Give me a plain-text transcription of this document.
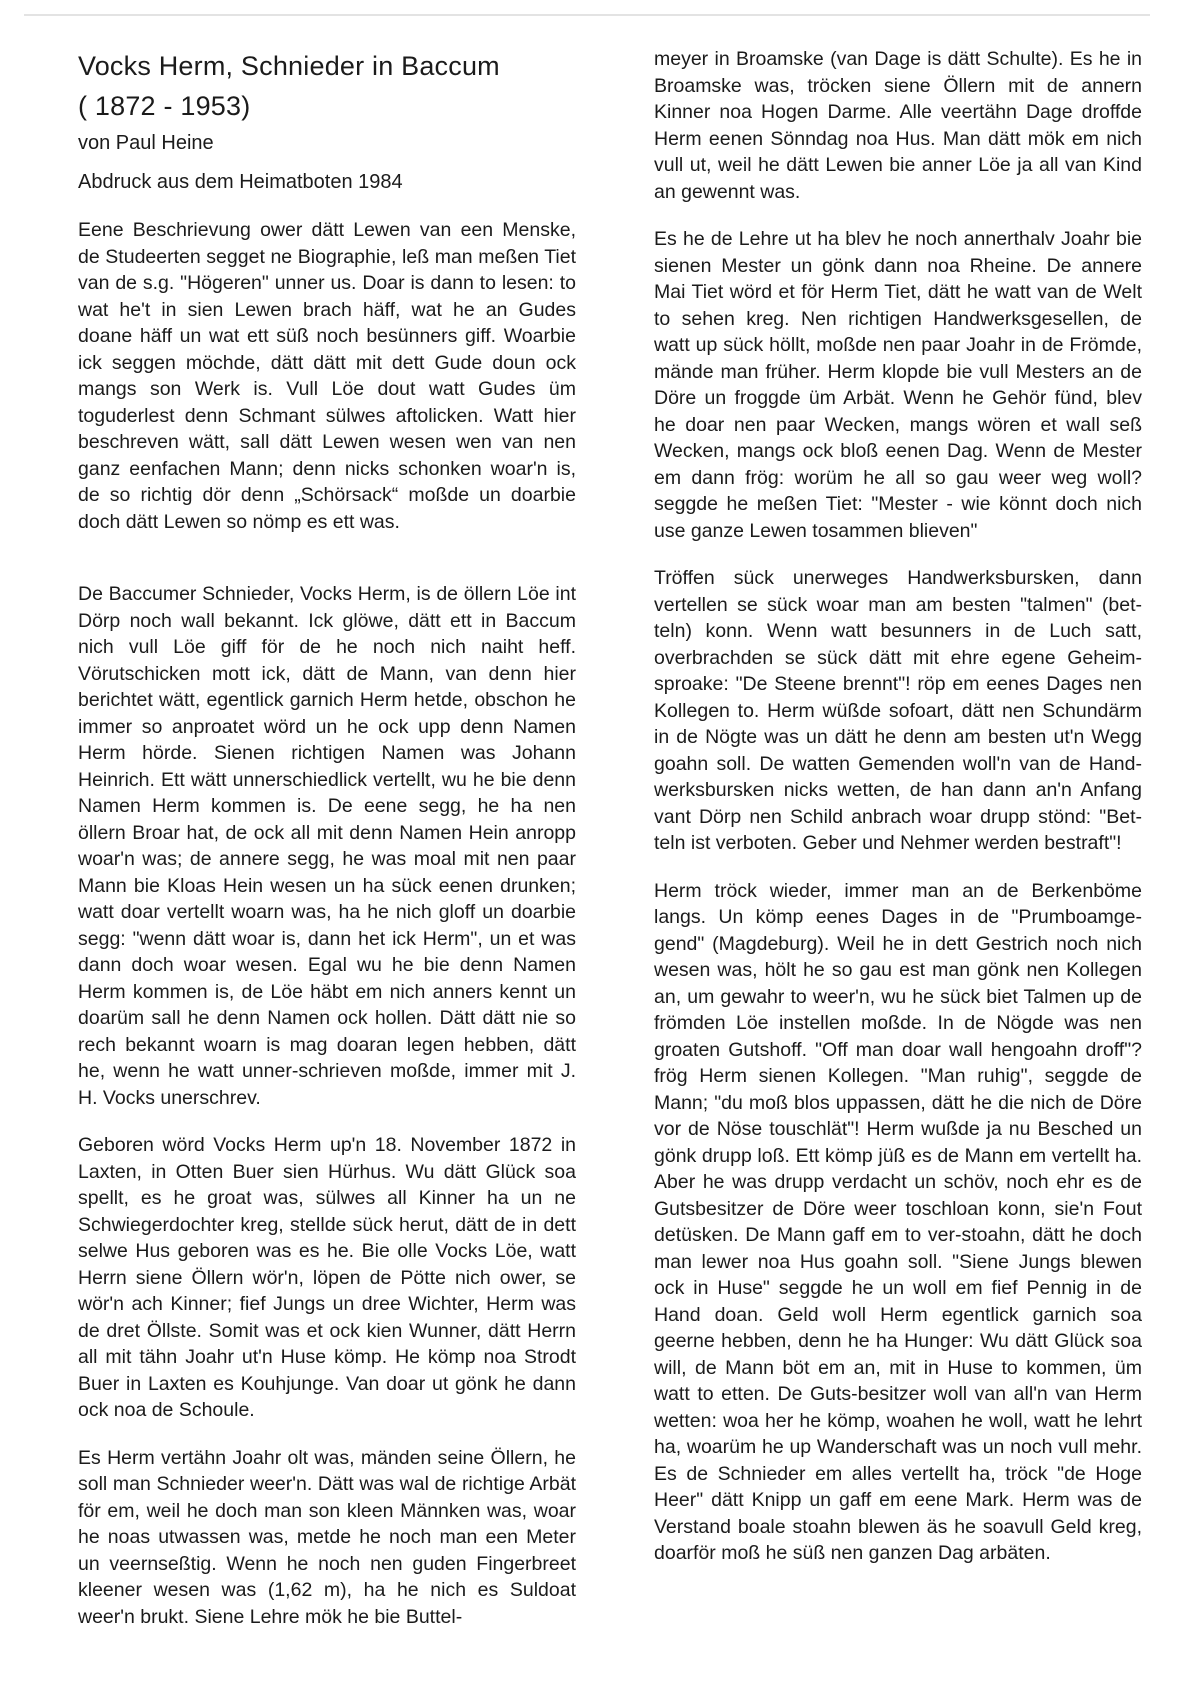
Vocks Herm, Schnieder in Baccum
( 1872 - 1953)

von Paul Heine

Abdruck aus dem Heimatboten 1984

Eene Beschrievung ower dätt Lewen van een Menske, de Studeerten segget ne Biographie, leß man meßen Tiet van de s.g. "Högeren" unner us. Doar is dann to lesen: to wat he't in sien Lewen brach häff, wat he an Gudes doane häff un wat ett süß noch besünners giff. Woarbie ick seggen möchde, dätt dätt mit dett Gude doun ock mangs son Werk is. Vull Löe dout watt Gudes üm toguderlest denn Schmant sülwes aftolicken. Watt hier beschreven wätt, sall dätt Lewen wesen wen van nen ganz eenfachen Mann; denn nicks schonken woar'n is, de so richtig dör denn „Schörsack“ moßde un doarbie doch dätt Lewen so nömp es ett was.

De Baccumer Schnieder, Vocks Herm, is de öllern Löe int Dörp noch wall bekannt. Ick glöwe, dätt ett in Baccum nich vull Löe giff för de he noch nich naiht heff. Vörutschicken mott ick, dätt de Mann, van denn hier berichtet wätt, egentlick garnich Herm hetde, obschon he immer so anproatet wörd un he ock upp denn Namen Herm hörde. Sienen richtigen Namen was Johann Heinrich. Ett wätt unnerschiedlick vertellt, wu he bie denn Namen Herm kommen is. De eene segg, he ha nen öllern Broar hat, de ock all mit denn Namen Hein anropp woar'n was; de annere segg, he was moal mit nen paar Mann bie Kloas Hein wesen un ha sück eenen drunken; watt doar vertellt woarn was, ha he nich gloff un doarbie segg: "wenn dätt woar is, dann het ick Herm", un et was dann doch woar wesen. Egal wu he bie denn Namen Herm kommen is, de Löe häbt em nich anners kennt un doarüm sall he denn Namen ock hollen. Dätt dätt nie so rech bekannt woarn is mag doaran legen hebben, dätt he, wenn he watt unner-schrieven moßde, immer mit J. H. Vocks unerschrev.

Geboren wörd Vocks Herm up'n 18. November 1872 in Laxten, in Otten Buer sien Hürhus. Wu dätt Glück soa spellt, es he groat was, sülwes all Kinner ha un ne Schwiegerdochter kreg, stellde sück herut, dätt de in dett selwe Hus geboren was es he. Bie olle Vocks Löe, watt Herrn siene Öllern wör'n, löpen de Pötte nich ower, se wör'n ach Kinner; fief Jungs un dree Wichter, Herm was de dret Öllste. Somit was et ock kien Wunner, dätt Herrn all mit tähn Joahr ut'n Huse kömp. He kömp noa Strodt Buer in Laxten es Kouhjunge. Van doar ut gönk he dann ock noa de Schoule.

Es Herm vertähn Joahr olt was, mänden seine Öllern, he soll man Schnieder weer'n. Dätt was wal de richtige Arbät för em, weil he doch man son kleen Männken was, woar he noas utwassen was, metde he noch man een Meter un veernseßtig. Wenn he noch nen guden Fingerbreet kleener wesen was (1,62 m), ha he nich es Suldoat weer'n brukt. Siene Lehre mök he bie Buttel-

meyer in Broamske (van Dage is dätt Schulte). Es he in Broamske was, tröcken siene Öllern mit de annern Kinner noa Hogen Darme. Alle veertähn Dage droffde Herm eenen Sönndag noa Hus. Man dätt mök em nich vull ut, weil he dätt Lewen bie anner Löe ja all van Kind an gewennt was.

Es he de Lehre ut ha blev he noch annerthalv Joahr bie sienen Mester un gönk dann noa Rheine. De annere Mai Tiet wörd et för Herm Tiet, dätt he watt van de Welt to sehen kreg. Nen richtigen Handwerksgesellen, de watt up sück höllt, moßde nen paar Joahr in de Frömde, mände man früher. Herm klopde bie vull Mesters an de Döre un froggde üm Arbät. Wenn he Gehör fünd, blev he doar nen paar Wecken, mangs wören et wall seß Wecken, mangs ock bloß eenen Dag. Wenn de Mester em dann frög: worüm he all so gau weer weg woll? seggde he meßen Tiet: "Mester - wie könnt doch nich use ganze Lewen tosammen blieven"

Tröffen sück unerweges Handwerksbursken, dann vertellen se sück woar man am besten "talmen" (bet-teln) konn. Wenn watt besunners in de Luch satt, overbrachden se sück dätt mit ehre egene Geheim-sproake: "De Steene brennt"! röp em eenes Dages nen Kollegen to. Herm wüßde sofoart, dätt nen Schundärm in de Nögte was un dätt he denn am besten ut'n Wegg goahn soll. De watten Gemenden woll'n van de Hand-werksbursken nicks wetten, de han dann an'n Anfang vant Dörp nen Schild anbrach woar drupp stönd: "Bet-teln ist verboten. Geber und Nehmer werden bestraft"!

Herm tröck wieder, immer man an de Berkenböme langs. Un kömp eenes Dages in de "Prumboamge-gend" (Magdeburg). Weil he in dett Gestrich noch nich wesen was, hölt he so gau est man gönk nen Kollegen an, um gewahr to weer'n, wu he sück biet Talmen up de frömden Löe instellen moßde. In de Nögde was nen groaten Gutshoff. "Off man doar wall hengoahn droff"? frög Herm sienen Kollegen. "Man ruhig", seggde de Mann; "du moß blos uppassen, dätt he die nich de Döre vor de Nöse touschlät"! Herm wußde ja nu Besched un gönk drupp loß. Ett kömp jüß es de Mann em vertellt ha. Aber he was drupp verdacht un schöv, noch ehr es de Gutsbesitzer de Döre weer toschloan konn, sie'n Fout detüsken. De Mann gaff em to ver-stoahn, dätt he doch man lewer noa Hus goahn soll. "Siene Jungs blewen ock in Huse" seggde he un woll em fief Pennig in de Hand doan. Geld woll Herm egentlick garnich soa geerne hebben, denn he ha Hunger: Wu dätt Glück soa will, de Mann böt em an, mit in Huse to kommen, üm watt to etten. De Guts-besitzer woll van all'n van Herm wetten: woa her he kömp, woahen he woll, watt he lehrt ha, woarüm he up Wanderschaft was un noch vull mehr. Es de Schnieder em alles vertellt ha, tröck "de Hoge Heer" dätt Knipp un gaff em eene Mark. Herm was de Verstand boale stoahn blewen äs he soavull Geld kreg, doarför moß he süß nen ganzen Dag arbäten.
